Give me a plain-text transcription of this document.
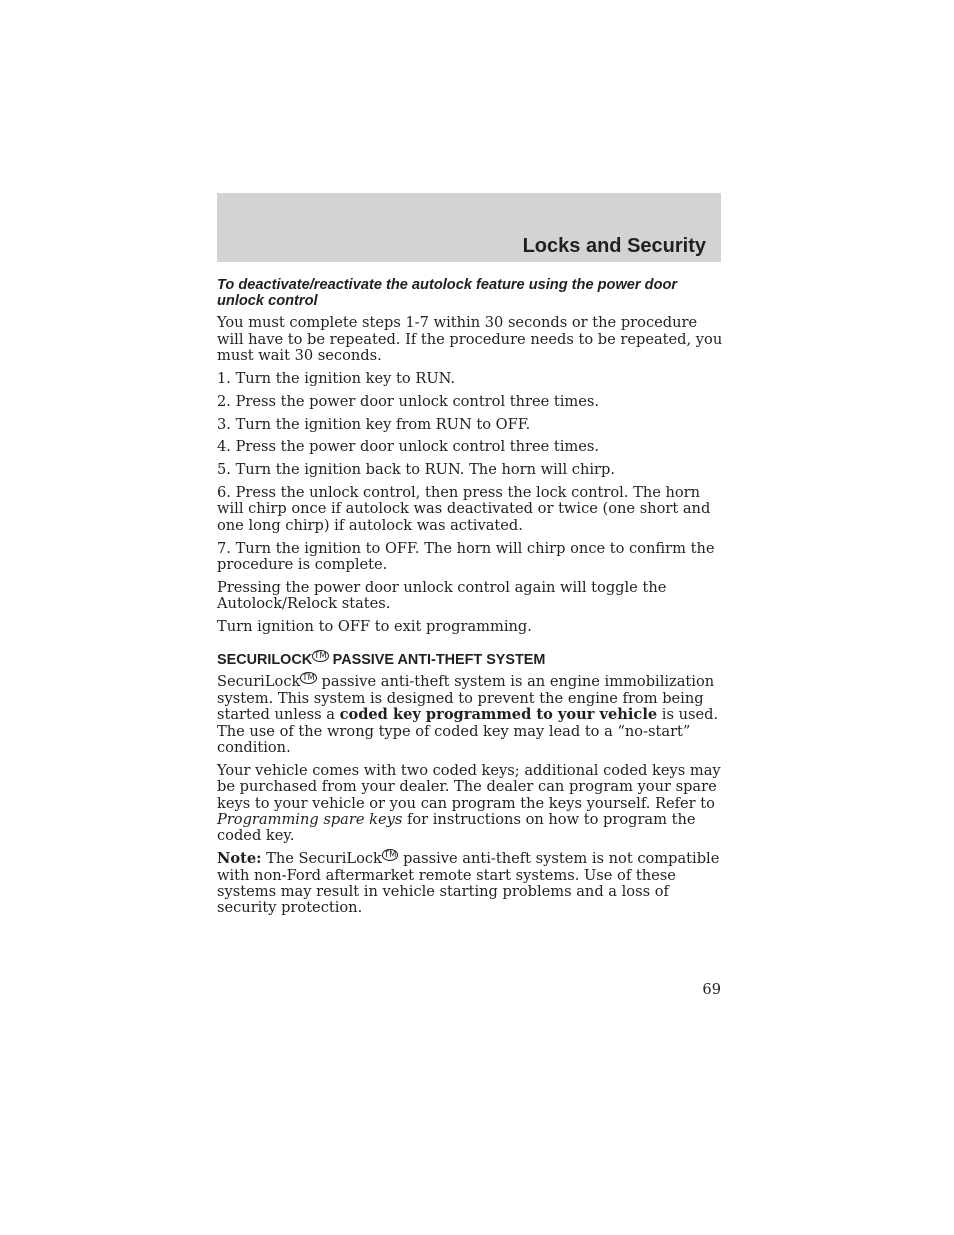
Locks and Security

To deactivate/reactivate the autolock feature using the power door unlock control

You must complete steps 1-7 within 30 seconds or the procedure will have to be repeated. If the procedure needs to be repeated, you must wait 30 seconds.

1. Turn the ignition key to RUN.

2. Press the power door unlock control three times.

3. Turn the ignition key from RUN to OFF.

4. Press the power door unlock control three times.

5. Turn the ignition back to RUN. The horn will chirp.

6. Press the unlock control, then press the lock control. The horn will chirp once if autolock was deactivated or twice (one short and one long chirp) if autolock was activated.

7. Turn the ignition to OFF. The horn will chirp once to confirm the procedure is complete.

Pressing the power door unlock control again will toggle the Autolock/Relock states.

Turn ignition to OFF to exit programming.

SECURILOCK ™ PASSIVE ANTI-THEFT SYSTEM

SecuriLock ™ passive anti-theft system is an engine immobilization system. This system is designed to prevent the engine from being started unless a coded key programmed to your vehicle is used. The use of the wrong type of coded key may lead to a “no-start” condition.

Your vehicle comes with two coded keys; additional coded keys may be purchased from your dealer. The dealer can program your spare keys to your vehicle or you can program the keys yourself. Refer to Programming spare keys for instructions on how to program the coded key.

Note: The SecuriLock ™ passive anti-theft system is not compatible with non-Ford aftermarket remote start systems. Use of these systems may result in vehicle starting problems and a loss of security protection.

69
